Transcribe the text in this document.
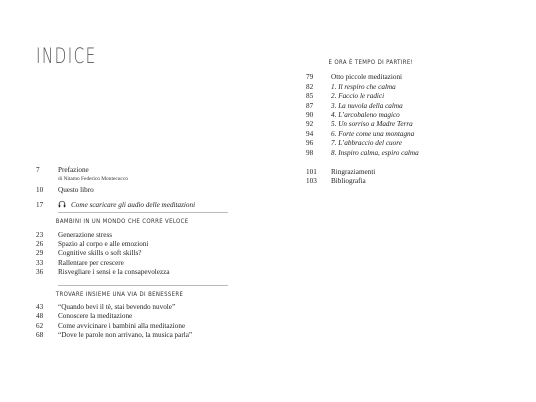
INDICE
7	Prefazione
di Nitamo Federico Montecucco
10	Questo libro
17	Come scaricare gli audio delle meditazioni
BAMBINI IN UN MONDO CHE CORRE VELOCE
23	Generazione stress
26	Spazio al corpo e alle emozioni
29	Cognitive skills o soft skills?
33	Rallentare per crescere
36	Risvegliare i sensi e la consapevolezza
TROVARE INSIEME UNA VIA DI BENESSERE
43	“Quando bevi il tè, stai bevendo nuvole”
48	Conoscere la meditazione
62	Come avvicinare i bambini alla meditazione
68	“Dove le parole non arrivano, la musica parla”
E ORA È TEMPO DI PARTIRE!
79	Otto piccole meditazioni
82	1. Il respiro che calma
85	2. Faccio le radici
87	3. La nuvola della calma
90	4. L’arcobaleno magico
92	5. Un sorriso a Madre Terra
94	6. Forte come una montagna
96	7. L’abbraccio del cuore
98	8. Inspiro calma, espiro calma
101	Ringraziamenti
103	Bibliografia
